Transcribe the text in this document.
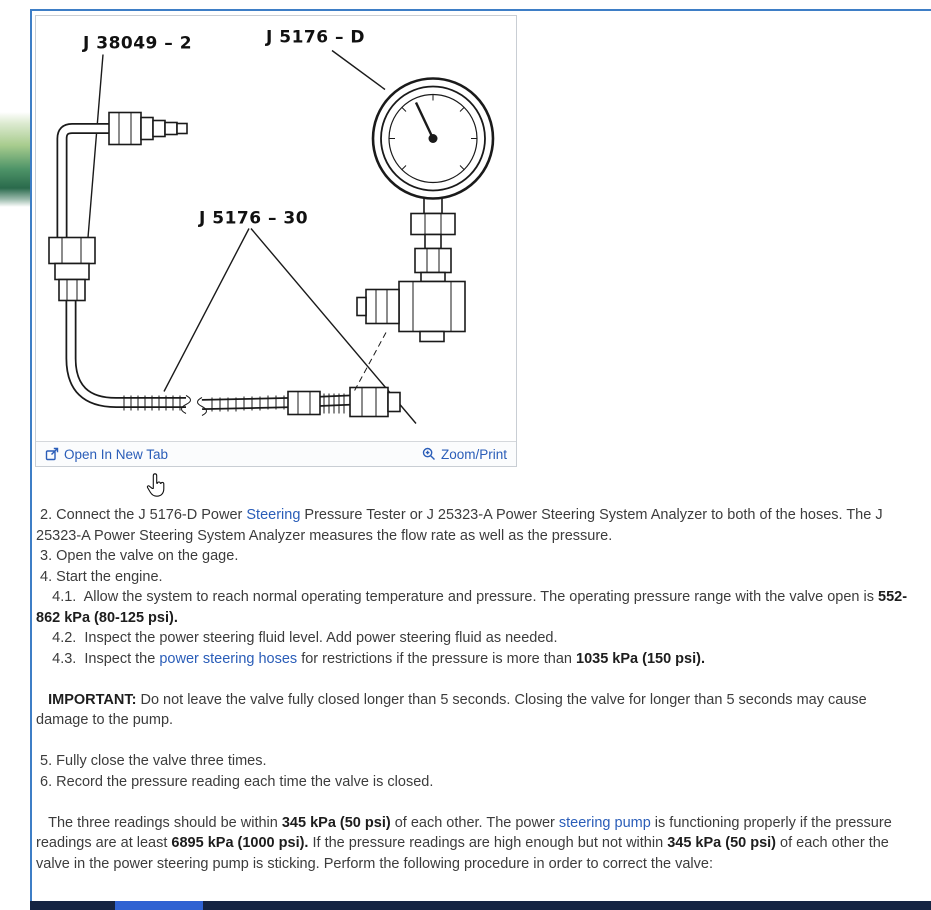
J 38049 – 2	J 5176 – D
J 5176 – 30
Open In New Tab	Zoom/Print

2. Connect the J 5176-D Power Steering Pressure Tester or J 25323-A Power Steering System Analyzer to both of the hoses. The J 25323-A Power Steering System Analyzer measures the flow rate as well as the pressure.

3. Open the valve on the gage.

4. Start the engine.

4.1.  Allow the system to reach normal operating temperature and pressure. The operating pressure range with the valve open is 552-862 kPa (80-125 psi).

4.2.  Inspect the power steering fluid level. Add power steering fluid as needed.

4.3.  Inspect the power steering hoses for restrictions if the pressure is more than 1035 kPa (150 psi).

IMPORTANT: Do not leave the valve fully closed longer than 5 seconds. Closing the valve for longer than 5 seconds may cause damage to the pump.

5. Fully close the valve three times.

6. Record the pressure reading each time the valve is closed.

The three readings should be within 345 kPa (50 psi) of each other. The power steering pump is functioning properly if the pressure readings are at least 6895 kPa (1000 psi). If the pressure readings are high enough but not within 345 kPa (50 psi) of each other the valve in the power steering pump is sticking. Perform the following procedure in order to correct the valve:
